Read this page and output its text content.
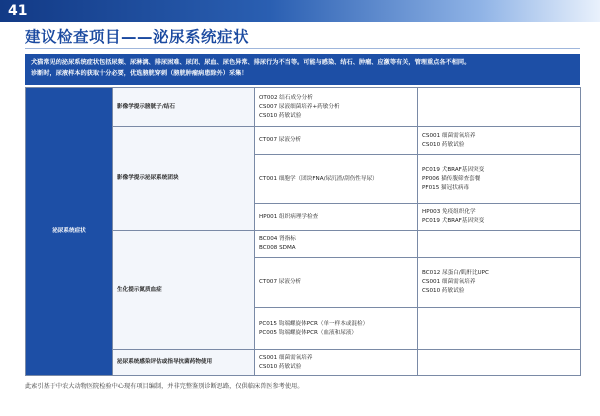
41
建议检查项目——泌尿系统症状
犬猫常见的泌尿系统症状包括尿频、尿淋漓、排尿困难、尿闭、尿血、尿色异常、排尿行为不当等。可能与感染、结石、肿瘤、应激等有关，管理重点各不相同。
诊断时，尿液样本的获取十分必要，优选膀胱穿刺（膀胱肿瘤病患除外）采集！
泌尿系统症状	影像学提示膀胱子/结石	OT002 结石成分分析
CS007 尿液细菌培养+药敏分析
CS010 药敏试验	

	影像学提示泌尿系统团块	CT007 尿液分析	CS001 细菌需氧培养
CS010 药敏试验

		CT001 细胞学（团块FNA/尿沉渣/刮伤性导尿）	PC019 犬BRAF基因突变
PP006 猫传腹筛查套餐
PF015 猫冠状病毒

		HP001 组织病理学检查	HP003 免疫组织化学
PC019 犬BRAF基因突变

	生化提示氮质血症	BC004 肾指标
BC008 SDMA	

		CT007 尿液分析	BC012 尿蛋白/肌酐比UPC
CS001 细菌需氧培养
CS010 药敏试验

		PC015 钩端螺旋体PCR（单一样本或混检）
PC005 钩端螺旋体PCR（血液和尿液）	

	泌尿系统感染评估或指导抗菌药物使用	CS001 细菌需氧培养
CS010 药敏试验	

此索引基于中农大动物医院检验中心现有项目编制，并非完整鉴别诊断思路，仅供临床兽医参考使用。
